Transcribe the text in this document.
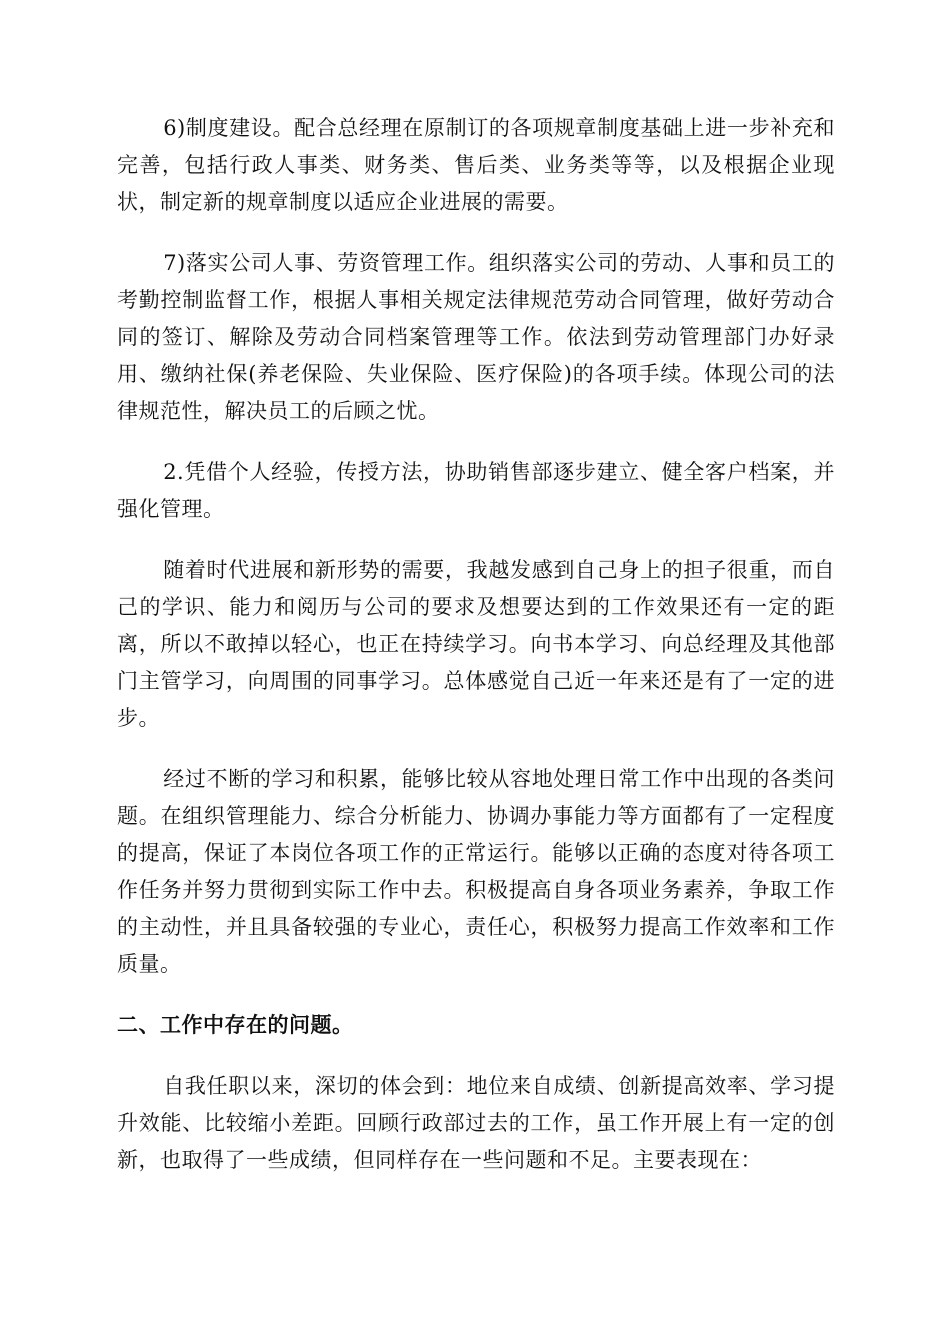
6)制度建设。配合总经理在原制订的各项规章制度基础上进一步补充和完善，包括行政人事类、财务类、售后类、业务类等等，以及根据企业现状，制定新的规章制度以适应企业进展的需要。

7)落实公司人事、劳资管理工作。组织落实公司的劳动、人事和员工的考勤控制监督工作，根据人事相关规定法律规范劳动合同管理，做好劳动合同的签订、解除及劳动合同档案管理等工作。依法到劳动管理部门办好录用、缴纳社保(养老保险、失业保险、医疗保险)的各项手续。体现公司的法律规范性，解决员工的后顾之忧。

2.凭借个人经验，传授方法，协助销售部逐步建立、健全客户档案，并强化管理。

随着时代进展和新形势的需要，我越发感到自己身上的担子很重，而自己的学识、能力和阅历与公司的要求及想要达到的工作效果还有一定的距离，所以不敢掉以轻心，也正在持续学习。向书本学习、向总经理及其他部门主管学习，向周围的同事学习。总体感觉自己近一年来还是有了一定的进步。

经过不断的学习和积累，能够比较从容地处理日常工作中出现的各类问题。在组织管理能力、综合分析能力、协调办事能力等方面都有了一定程度的提高，保证了本岗位各项工作的正常运行。能够以正确的态度对待各项工作任务并努力贯彻到实际工作中去。积极提高自身各项业务素养，争取工作的主动性，并且具备较强的专业心，责任心，积极努力提高工作效率和工作质量。

二、工作中存在的问题。

自我任职以来，深切的体会到：地位来自成绩、创新提高效率、学习提升效能、比较缩小差距。回顾行政部过去的工作，虽工作开展上有一定的创新，也取得了一些成绩，但同样存在一些问题和不足。主要表现在：
